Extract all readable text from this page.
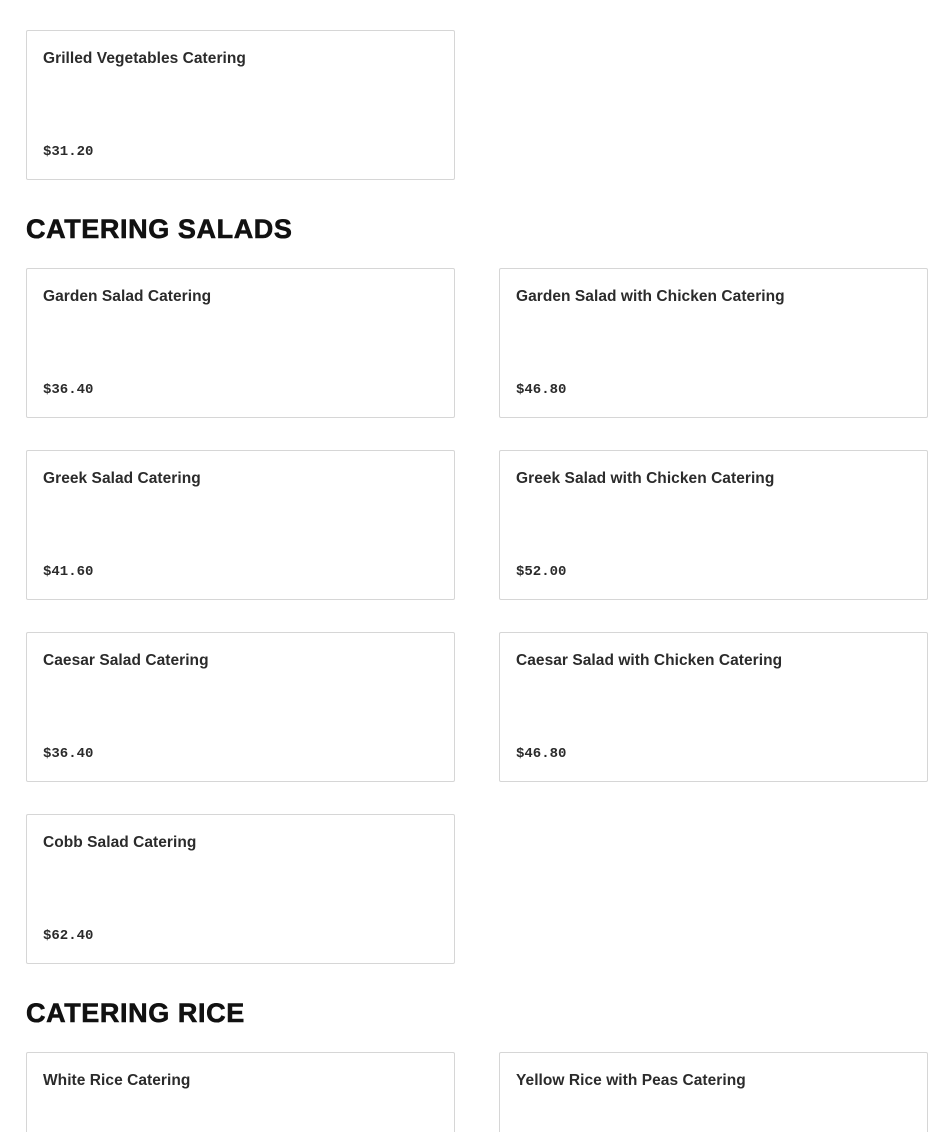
Grilled Vegetables Catering
$31.20
CATERING SALADS
Garden Salad Catering
$36.40
Garden Salad with Chicken Catering
$46.80
Greek Salad Catering
$41.60
Greek Salad with Chicken Catering
$52.00
Caesar Salad Catering
$36.40
Caesar Salad with Chicken Catering
$46.80
Cobb Salad Catering
$62.40
CATERING RICE
White Rice Catering	Yellow Rice with Peas Catering
